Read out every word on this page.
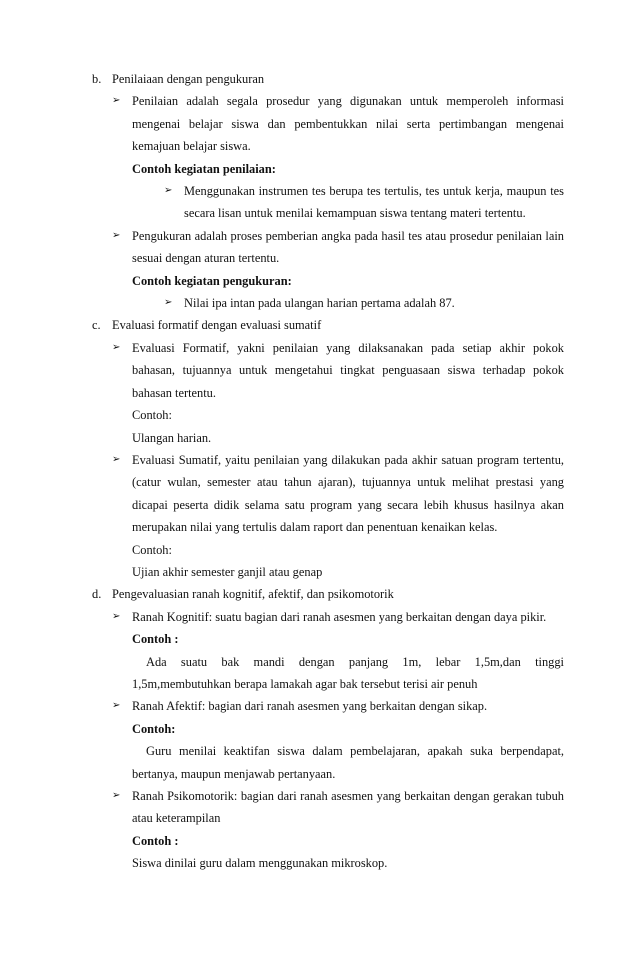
b. Penilaiaan dengan pengukuran
➢ Penilaian adalah segala prosedur yang digunakan untuk memperoleh informasi mengenai belajar siswa dan pembentukkan nilai serta pertimbangan mengenai kemajuan belajar siswa.
Contoh kegiatan penilaian:
➢ Menggunakan instrumen tes berupa tes tertulis, tes untuk kerja, maupun tes secara lisan untuk menilai kemampuan siswa tentang materi tertentu.
➢ Pengukuran adalah proses pemberian angka pada hasil tes atau prosedur penilaian lain sesuai dengan aturan tertentu.
Contoh kegiatan pengukuran:
➢ Nilai ipa intan pada ulangan harian pertama adalah 87.
c. Evaluasi formatif dengan evaluasi sumatif
➢ Evaluasi Formatif, yakni penilaian yang dilaksanakan pada setiap akhir pokok bahasan, tujuannya untuk mengetahui tingkat penguasaan siswa terhadap pokok bahasan tertentu.
Contoh:
Ulangan harian.
➢ Evaluasi Sumatif, yaitu penilaian yang dilakukan pada akhir satuan program tertentu, (catur wulan, semester atau tahun ajaran), tujuannya untuk melihat prestasi yang dicapai peserta didik selama satu program yang secara lebih khusus hasilnya akan merupakan nilai yang tertulis dalam raport dan penentuan kenaikan kelas.
Contoh:
Ujian akhir semester ganjil atau genap
d. Pengevaluasian ranah kognitif, afektif, dan psikomotorik
➢ Ranah Kognitif: suatu bagian dari ranah asesmen yang berkaitan dengan daya pikir.
Contoh :
Ada suatu bak mandi dengan panjang 1m, lebar 1,5m,dan tinggi 1,5m,membutuhkan berapa lamakah agar bak tersebut terisi air penuh
➢ Ranah Afektif: bagian dari ranah asesmen yang berkaitan dengan sikap.
Contoh:
Guru menilai keaktifan siswa dalam pembelajaran, apakah suka berpendapat, bertanya, maupun menjawab pertanyaan.
➢ Ranah Psikomotorik: bagian dari ranah asesmen yang berkaitan dengan gerakan tubuh atau keterampilan
Contoh :
Siswa dinilai guru dalam menggunakan mikroskop.
